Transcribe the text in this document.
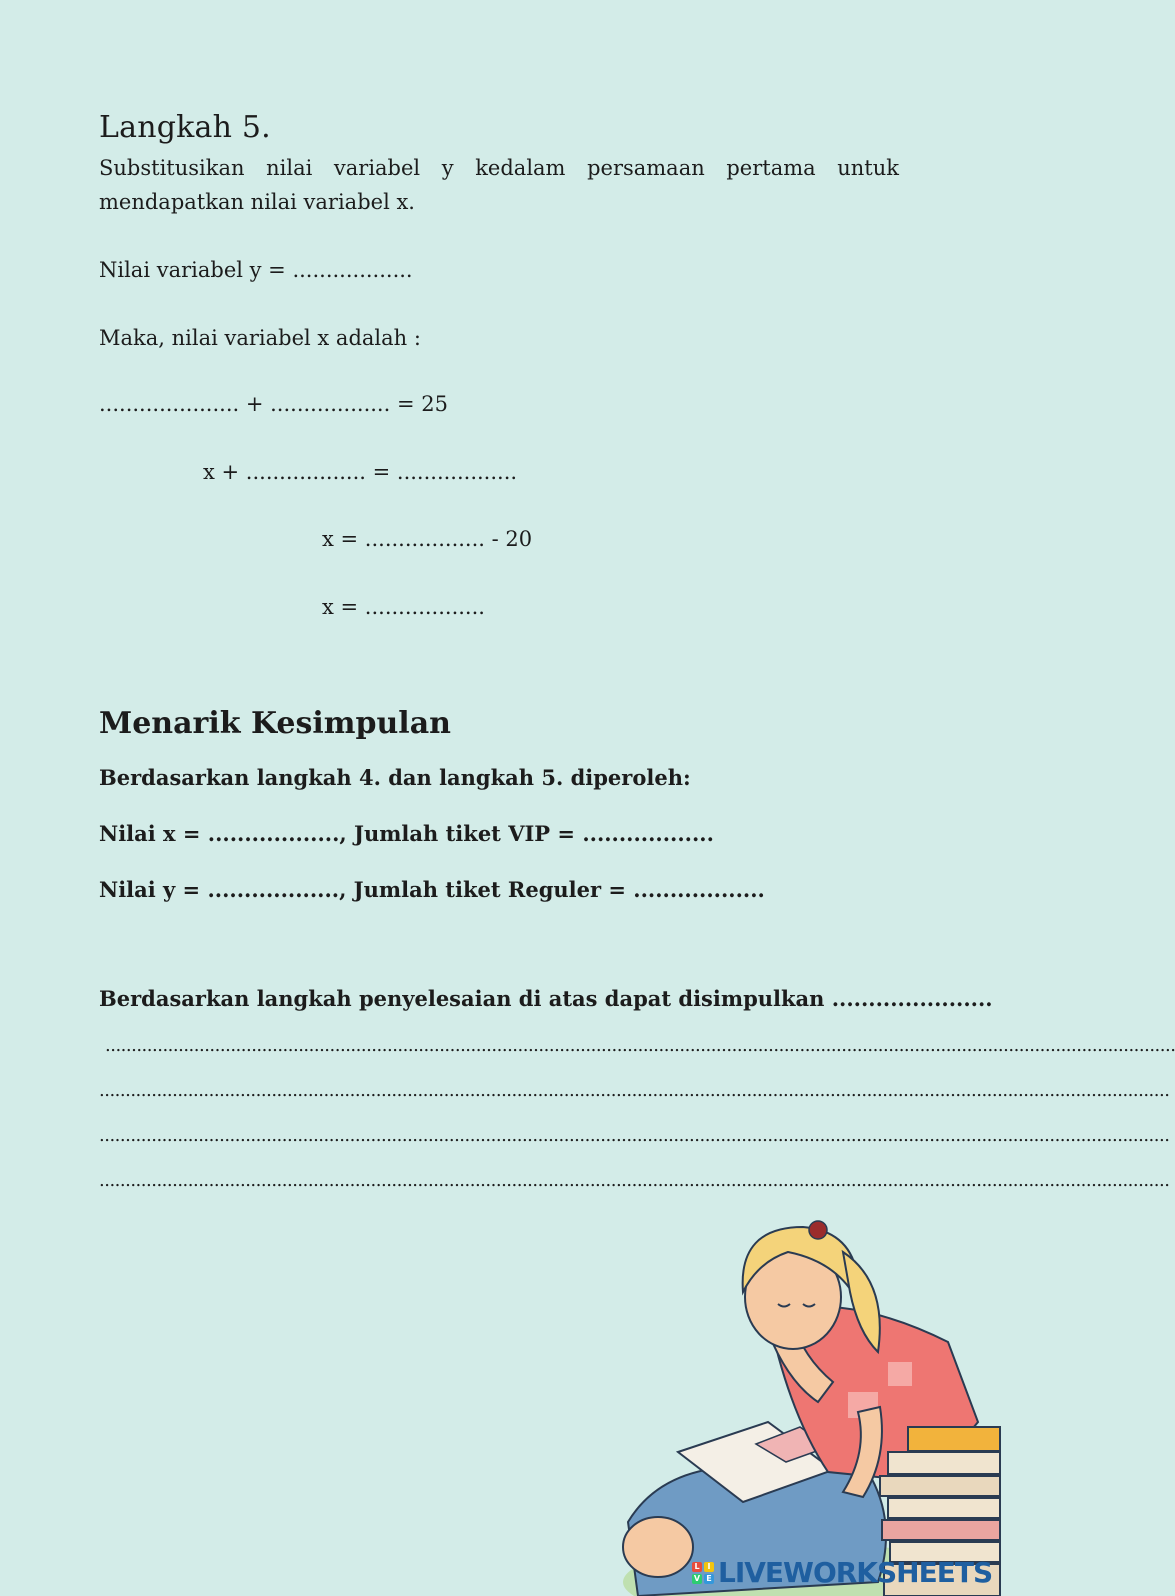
Langkah 5.
Substitusikan nilai variabel y kedalam persamaan pertama untuk
mendapatkan nilai variabel x.
Nilai variabel y = ..................
Maka, nilai variabel x adalah :
..................... + .................. = 25
x + .................. = ..................
x = .................. - 20
x = ..................
Menarik Kesimpulan
Berdasarkan langkah 4. dan langkah 5. diperoleh:
Nilai x = .................., Jumlah tiket VIP = ..................
Nilai y = .................., Jumlah tiket Reguler = ..................
Berdasarkan langkah penyelesaian di atas dapat disimpulkan ......................
.............................................................................................................................................................................................................
.............................................................................................................................................................................................................
.............................................................................................................................................................................................................
.............................................................................................................................................................................................................
L I
V E LIVEWORKSHEETS
